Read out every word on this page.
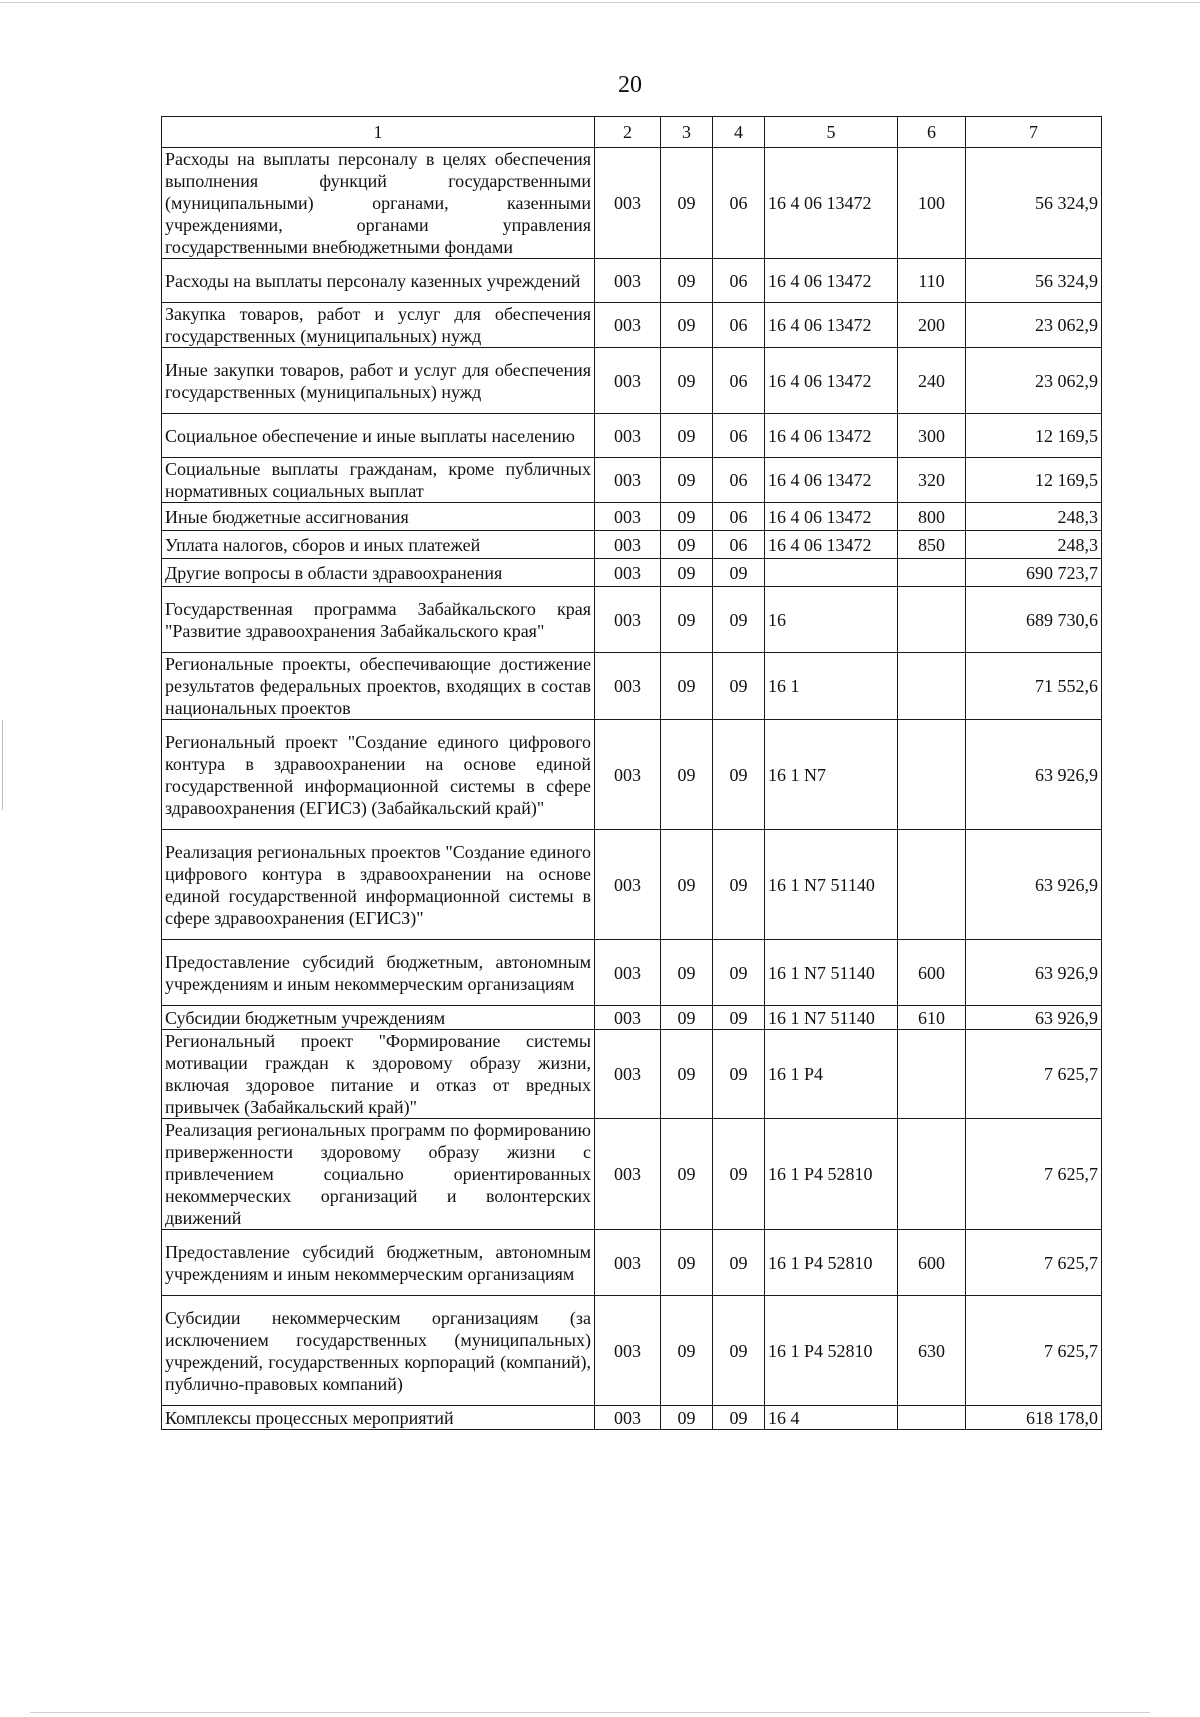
20
1	2	3	4	5	6	7
Расходы на выплаты персоналу в целях обеспечения выполнения функций государственными (муниципальными) органами, казенными учреждениями, органами управления государственными внебюджетными фондами	003	09	06	16 4 06 13472	100	56 324,9
Расходы на выплаты персоналу казенных учреждений	003	09	06	16 4 06 13472	110	56 324,9
Закупка товаров, работ и услуг для обеспечения государственных (муниципальных) нужд	003	09	06	16 4 06 13472	200	23 062,9
Иные закупки товаров, работ и услуг для обеспечения государственных (муниципальных) нужд	003	09	06	16 4 06 13472	240	23 062,9
Социальное обеспечение и иные выплаты населению	003	09	06	16 4 06 13472	300	12 169,5
Социальные выплаты гражданам, кроме публичных нормативных социальных выплат	003	09	06	16 4 06 13472	320	12 169,5
Иные бюджетные ассигнования	003	09	06	16 4 06 13472	800	248,3
Уплата налогов, сборов и иных платежей	003	09	06	16 4 06 13472	850	248,3
Другие вопросы в области здравоохранения	003	09	09			690 723,7
Государственная программа Забайкальского края "Развитие здравоохранения Забайкальского края"	003	09	09	16		689 730,6
Региональные проекты, обеспечивающие достижение результатов федеральных проектов, входящих в состав национальных проектов	003	09	09	16 1		71 552,6
Региональный проект "Создание единого цифрового контура в здравоохранении на основе единой государственной информационной системы в сфере здравоохранения (ЕГИСЗ) (Забайкальский край)"	003	09	09	16 1 N7		63 926,9
Реализация региональных проектов "Создание единого цифрового контура в здравоохранении на основе единой государственной информационной системы в сфере здравоохранения (ЕГИСЗ)"	003	09	09	16 1 N7 51140		63 926,9
Предоставление субсидий бюджетным, автономным учреждениям и иным некоммерческим организациям	003	09	09	16 1 N7 51140	600	63 926,9
Субсидии бюджетным учреждениям	003	09	09	16 1 N7 51140	610	63 926,9
Региональный проект "Формирование системы мотивации граждан к здоровому образу жизни, включая здоровое питание и отказ от вредных привычек (Забайкальский край)"	003	09	09	16 1 P4		7 625,7
Реализация региональных программ по формированию приверженности здоровому образу жизни с привлечением социально ориентированных некоммерческих организаций и волонтерских движений	003	09	09	16 1 P4 52810		7 625,7
Предоставление субсидий бюджетным, автономным учреждениям и иным некоммерческим организациям	003	09	09	16 1 P4 52810	600	7 625,7
Субсидии некоммерческим организациям (за исключением государственных (муниципальных) учреждений, государственных корпораций (компаний), публично-правовых компаний)	003	09	09	16 1 P4 52810	630	7 625,7
Комплексы процессных мероприятий	003	09	09	16 4		618 178,0
